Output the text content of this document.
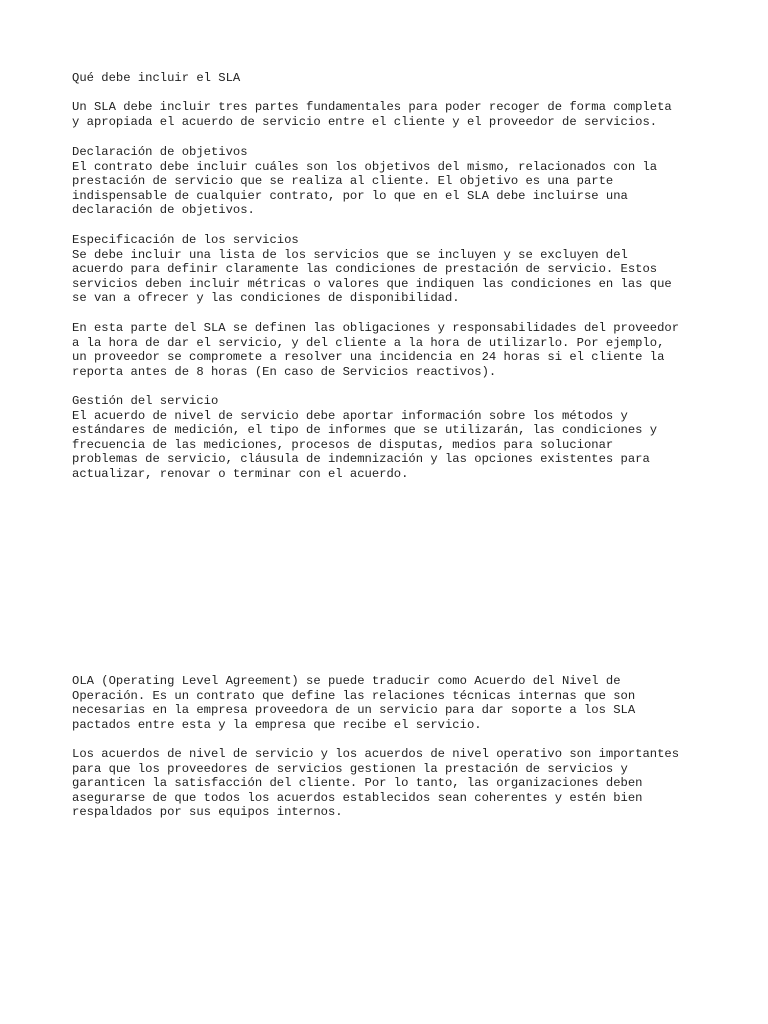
Qué debe incluir el SLA

Un SLA debe incluir tres partes fundamentales para poder recoger de forma completa
y apropiada el acuerdo de servicio entre el cliente y el proveedor de servicios.

Declaración de objetivos
El contrato debe incluir cuáles son los objetivos del mismo, relacionados con la
prestación de servicio que se realiza al cliente. El objetivo es una parte
indispensable de cualquier contrato, por lo que en el SLA debe incluirse una
declaración de objetivos.

Especificación de los servicios
Se debe incluir una lista de los servicios que se incluyen y se excluyen del
acuerdo para definir claramente las condiciones de prestación de servicio. Estos
servicios deben incluir métricas o valores que indiquen las condiciones en las que
se van a ofrecer y las condiciones de disponibilidad.

En esta parte del SLA se definen las obligaciones y responsabilidades del proveedor
a la hora de dar el servicio, y del cliente a la hora de utilizarlo. Por ejemplo,
un proveedor se compromete a resolver una incidencia en 24 horas si el cliente la
reporta antes de 8 horas (En caso de Servicios reactivos).

Gestión del servicio
El acuerdo de nivel de servicio debe aportar información sobre los métodos y
estándares de medición, el tipo de informes que se utilizarán, las condiciones y
frecuencia de las mediciones, procesos de disputas, medios para solucionar
problemas de servicio, cláusula de indemnización y las opciones existentes para
actualizar, renovar o terminar con el acuerdo.

OLA (Operating Level Agreement) se puede traducir como Acuerdo del Nivel de
Operación. Es un contrato que define las relaciones técnicas internas que son
necesarias en la empresa proveedora de un servicio para dar soporte a los SLA
pactados entre esta y la empresa que recibe el servicio.

Los acuerdos de nivel de servicio y los acuerdos de nivel operativo son importantes
para que los proveedores de servicios gestionen la prestación de servicios y
garanticen la satisfacción del cliente. Por lo tanto, las organizaciones deben
asegurarse de que todos los acuerdos establecidos sean coherentes y estén bien
respaldados por sus equipos internos.
